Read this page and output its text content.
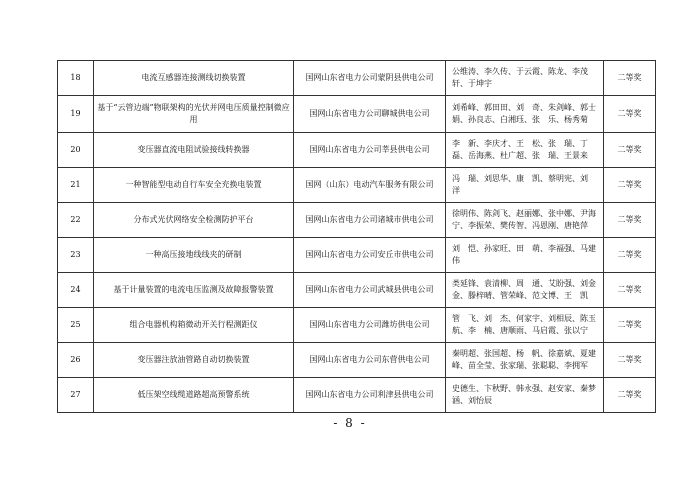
18	电流互感器连接测线切换装置	国网山东省电力公司蒙阴县供电公司	公维涛、李久传、于云霞、陈龙、李茂轩、于坤宇	二等奖
19	基于“云管边端”物联架构的光伏并网电压质量控制微应用	国网山东省电力公司聊城供电公司	刘希峰、郭田田、刘　奇、朱剑峰、郭士娟、孙良志、白湘珏、张　乐、杨秀菊	二等奖
20	变压器直流电阻试验接线转换器	国网山东省电力公司莘县供电公司	李　新、李庆才、王　松、张　瑞、丁　磊、岳海燕、杜广超、张　瑞、王景来	二等奖
21	一种智能型电动自行车安全充换电装置	国网（山东）电动汽车服务有限公司	冯　瑞、刘思华、康　凯、蔡明宪、刘　洋	二等奖
22	分布式光伏网络安全检测防护平台	国网山东省电力公司诸城市供电公司	徐明伟、陈剑飞、赵丽娜、张中娜、尹海宁、李振荣、樊传智、冯恩刚、唐艳萍	二等奖
23	一种高压接地线线夹的研制	国网山东省电力公司安丘市供电公司	刘　恺、孙家旺、田　萌、李福强、马建伟	二等奖
24	基于计量装置的电流电压监测及故障报警装置	国网山东省电力公司武城县供电公司	类延锋、袁清柳、周　通、艾盼强、刘金金、滕梓晴、管荣峰、范文博、王　凯	二等奖
25	组合电器机构箱微动开关行程测距仪	国网山东省电力公司潍坊供电公司	管　飞、刘　杰、何家宇、刘相辰、陈玉航、李　楠、唐顺雨、马启霞、张以宁	二等奖
26	变压器注放油管路自动切换装置	国网山东省电力公司东营供电公司	秦明超、张国超、杨　帆、徐嘉斌、夏建峰、苗全莹、张家瑞、张聪聪、李拥军	二等奖
27	低压架空线缆道路超高预警系统	国网山东省电力公司利津县供电公司	史德生、卞秋野、韩永强、赵安家、秦梦涵、刘怡辰	二等奖
- 8 -
